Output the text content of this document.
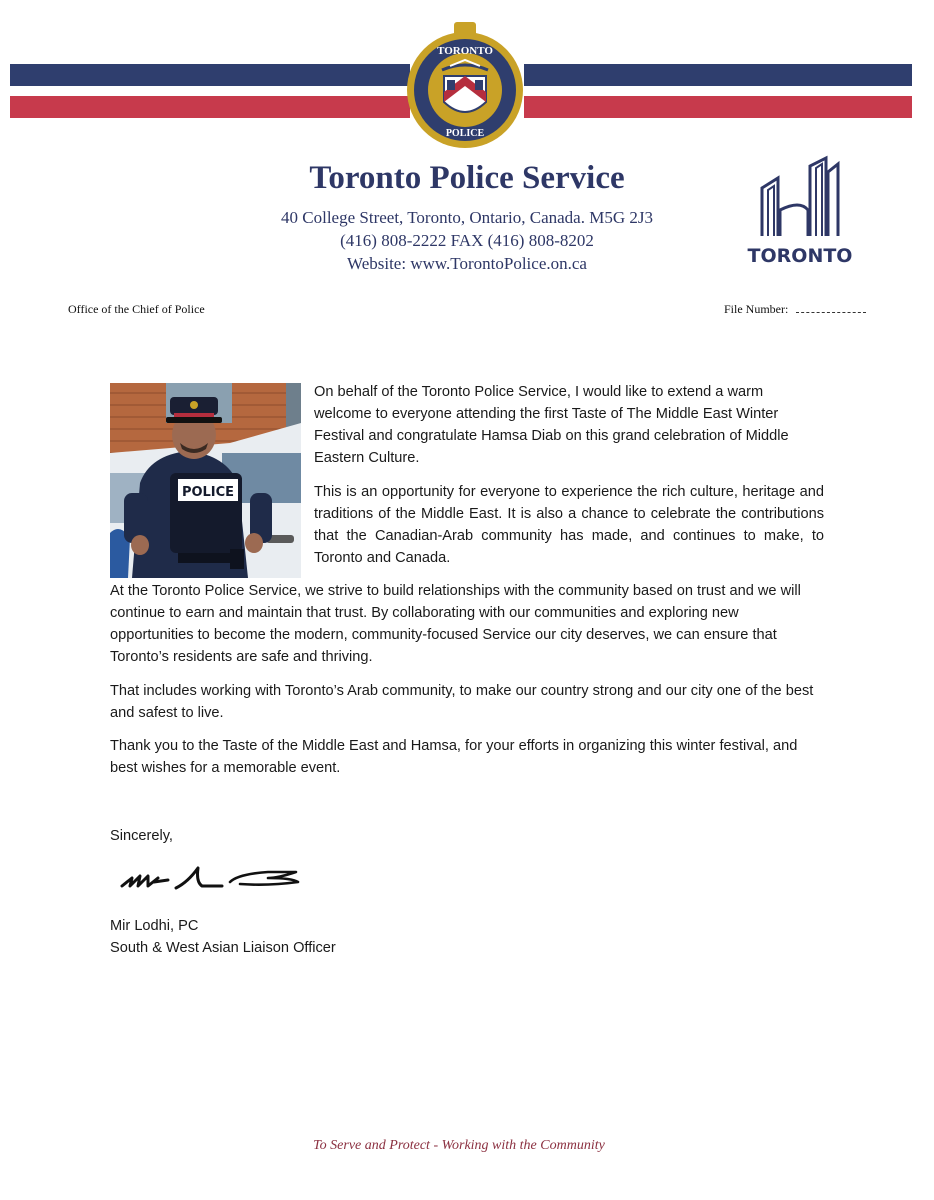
TORONTO
POLICE
Toronto Police Service
40 College Street, Toronto, Ontario, Canada. M5G 2J3
(416) 808-2222 FAX (416) 808-8202
Website: www.TorontoPolice.on.ca	TORONTO
Office of the Chief of Police	File Number:
POLICE

On behalf of the Toronto Police Service, I would like to extend a warm welcome to everyone attending the first Taste of The Middle East Winter Festival and congratulate Hamsa Diab on this grand celebration of Middle Eastern Culture.

This is an opportunity for everyone to experience the rich culture, heritage and traditions of the Middle East. It is also a chance to celebrate the contributions that the Canadian-Arab community has made, and continues to make, to Toronto and Canada.

At the Toronto Police Service, we strive to build relationships with the community based on trust and we will continue to earn and maintain that trust. By collaborating with our communities and exploring new opportunities to become the modern, community-focused Service our city deserves, we can ensure that Toronto’s residents are safe and thriving.

That includes working with Toronto’s Arab community, to make our country strong and our city one of the best and safest to live.

Thank you to the Taste of the Middle East and Hamsa, for your efforts in organizing this winter festival, and best wishes for a memorable event.

Sincerely,
Mir Lodhi, PC
South & West Asian Liaison Officer
To Serve and Protect - Working with the Community
